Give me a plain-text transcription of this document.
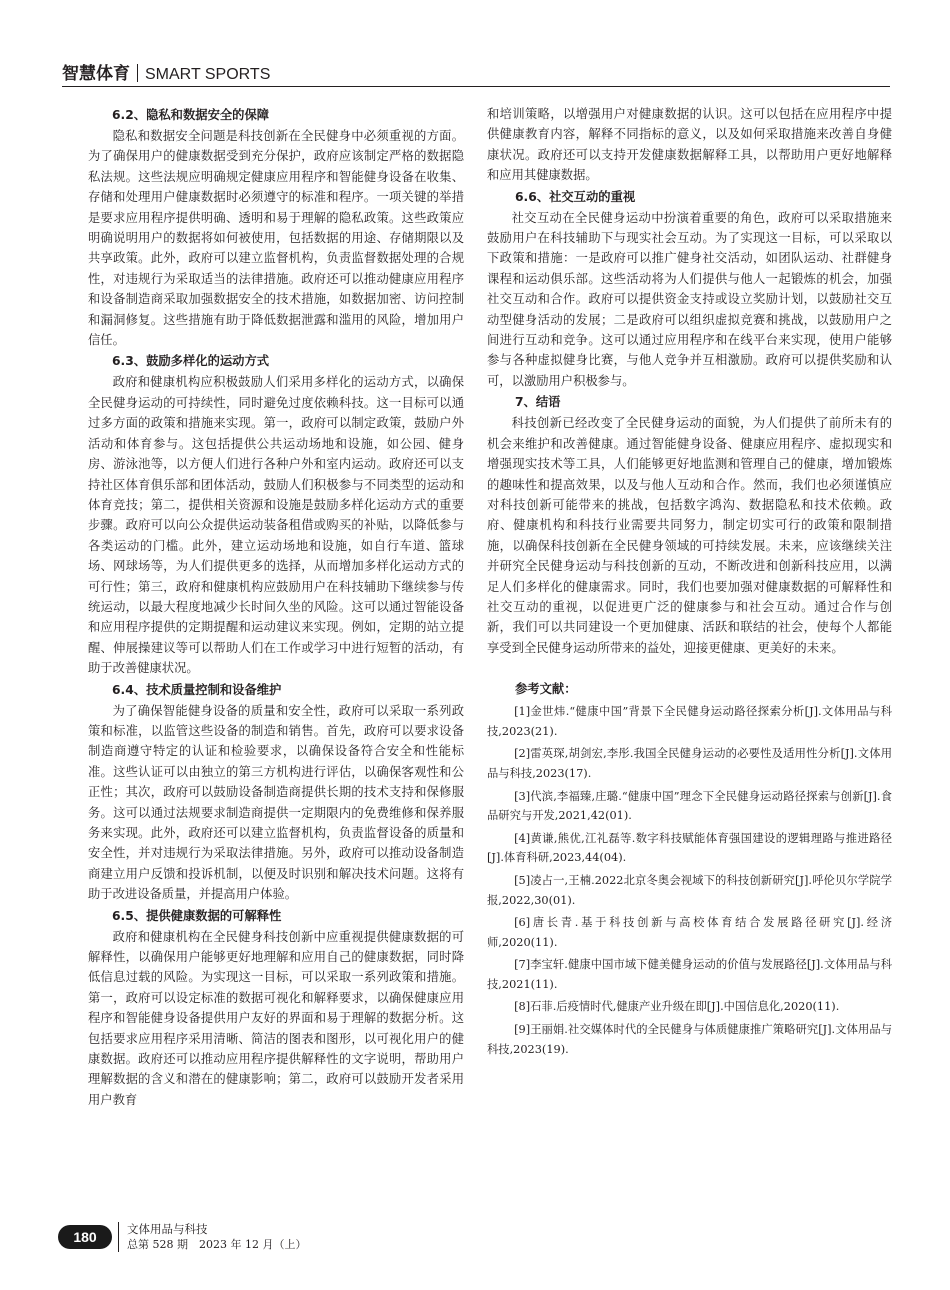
智慧体育 SMART SPORTS

6.2、隐私和数据安全的保障

隐私和数据安全问题是科技创新在全民健身中必须重视的方面。为了确保用户的健康数据受到充分保护，政府应该制定严格的数据隐私法规。这些法规应明确规定健康应用程序和智能健身设备在收集、存储和处理用户健康数据时必须遵守的标准和程序。一项关键的举措是要求应用程序提供明确、透明和易于理解的隐私政策。这些政策应明确说明用户的数据将如何被使用，包括数据的用途、存储期限以及共享政策。此外，政府可以建立监督机构，负责监督数据处理的合规性，对违规行为采取适当的法律措施。政府还可以推动健康应用程序和设备制造商采取加强数据安全的技术措施，如数据加密、访问控制和漏洞修复。这些措施有助于降低数据泄露和滥用的风险，增加用户信任。

6.3、鼓励多样化的运动方式

政府和健康机构应积极鼓励人们采用多样化的运动方式，以确保全民健身运动的可持续性，同时避免过度依赖科技。这一目标可以通过多方面的政策和措施来实现。第一，政府可以制定政策，鼓励户外活动和体育参与。这包括提供公共运动场地和设施，如公园、健身房、游泳池等，以方便人们进行各种户外和室内运动。政府还可以支持社区体育俱乐部和团体活动，鼓励人们积极参与不同类型的运动和体育竞技；第二，提供相关资源和设施是鼓励多样化运动方式的重要步骤。政府可以向公众提供运动装备租借或购买的补贴，以降低参与各类运动的门槛。此外，建立运动场地和设施，如自行车道、篮球场、网球场等，为人们提供更多的选择，从而增加多样化运动方式的可行性；第三，政府和健康机构应鼓励用户在科技辅助下继续参与传统运动，以最大程度地减少长时间久坐的风险。这可以通过智能设备和应用程序提供的定期提醒和运动建议来实现。例如，定期的站立提醒、伸展操建议等可以帮助人们在工作或学习中进行短暂的活动，有助于改善健康状况。

6.4、技术质量控制和设备维护

为了确保智能健身设备的质量和安全性，政府可以采取一系列政策和标准，以监管这些设备的制造和销售。首先，政府可以要求设备制造商遵守特定的认证和检验要求，以确保设备符合安全和性能标准。这些认证可以由独立的第三方机构进行评估，以确保客观性和公正性；其次，政府可以鼓励设备制造商提供长期的技术支持和保修服务。这可以通过法规要求制造商提供一定期限内的免费维修和保养服务来实现。此外，政府还可以建立监督机构，负责监督设备的质量和安全性，并对违规行为采取法律措施。另外，政府可以推动设备制造商建立用户反馈和投诉机制，以便及时识别和解决技术问题。这将有助于改进设备质量，并提高用户体验。

6.5、提供健康数据的可解释性

政府和健康机构在全民健身科技创新中应重视提供健康数据的可解释性，以确保用户能够更好地理解和应用自己的健康数据，同时降低信息过载的风险。为实现这一目标，可以采取一系列政策和措施。第一，政府可以设定标准的数据可视化和解释要求，以确保健康应用程序和智能健身设备提供用户友好的界面和易于理解的数据分析。这包括要求应用程序采用清晰、简洁的图表和图形，以可视化用户的健康数据。政府还可以推动应用程序提供解释性的文字说明，帮助用户理解数据的含义和潜在的健康影响；第二，政府可以鼓励开发者采用用户教育

和培训策略，以增强用户对健康数据的认识。这可以包括在应用程序中提供健康教育内容，解释不同指标的意义，以及如何采取措施来改善自身健康状况。政府还可以支持开发健康数据解释工具，以帮助用户更好地解释和应用其健康数据。

6.6、社交互动的重视

社交互动在全民健身运动中扮演着重要的角色，政府可以采取措施来鼓励用户在科技辅助下与现实社会互动。为了实现这一目标，可以采取以下政策和措施：一是政府可以推广健身社交活动，如团队运动、社群健身课程和运动俱乐部。这些活动将为人们提供与他人一起锻炼的机会，加强社交互动和合作。政府可以提供资金支持或设立奖励计划，以鼓励社交互动型健身活动的发展；二是政府可以组织虚拟竞赛和挑战，以鼓励用户之间进行互动和竞争。这可以通过应用程序和在线平台来实现，使用户能够参与各种虚拟健身比赛，与他人竞争并互相激励。政府可以提供奖励和认可，以激励用户积极参与。

7、结语

科技创新已经改变了全民健身运动的面貌，为人们提供了前所未有的机会来维护和改善健康。通过智能健身设备、健康应用程序、虚拟现实和增强现实技术等工具，人们能够更好地监测和管理自己的健康，增加锻炼的趣味性和提高效果，以及与他人互动和合作。然而，我们也必须谨慎应对科技创新可能带来的挑战，包括数字鸿沟、数据隐私和技术依赖。政府、健康机构和科技行业需要共同努力，制定切实可行的政策和限制措施，以确保科技创新在全民健身领域的可持续发展。未来，应该继续关注并研究全民健身运动与科技创新的互动，不断改进和创新科技应用，以满足人们多样化的健康需求。同时，我们也要加强对健康数据的可解释性和社交互动的重视，以促进更广泛的健康参与和社会互动。通过合作与创新，我们可以共同建设一个更加健康、活跃和联结的社会，使每个人都能享受到全民健身运动所带来的益处，迎接更健康、更美好的未来。

参考文献：

[1]金世炜.“健康中国”背景下全民健身运动路径探索分析[J].文体用品与科技,2023(21).

[2]雷英琛,胡剑宏,李彤.我国全民健身运动的必要性及适用性分析[J].文体用品与科技,2023(17).

[3]代滨,李福臻,庄璐.“健康中国”理念下全民健身运动路径探索与创新[J].食品研究与开发,2021,42(01).

[4]黄谦,熊优,江礼磊等.数字科技赋能体育强国建设的逻辑理路与推进路径[J].体育科研,2023,44(04).

[5]凌占一,王楠.2022北京冬奥会视域下的科技创新研究[J].呼伦贝尔学院学报,2022,30(01).

[6]唐长青.基于科技创新与高校体育结合发展路径研究[J].经济师,2020(11).

[7]李宝轩.健康中国市域下健美健身运动的价值与发展路径[J].文体用品与科技,2021(11).

[8]石菲.后疫情时代,健康产业升级在即[J].中国信息化,2020(11).

[9]王丽娟.社交媒体时代的全民健身与体质健康推广策略研究[J].文体用品与科技,2023(19).

180	文体用品与科技
总第 528 期　2023 年 12 月（上）
